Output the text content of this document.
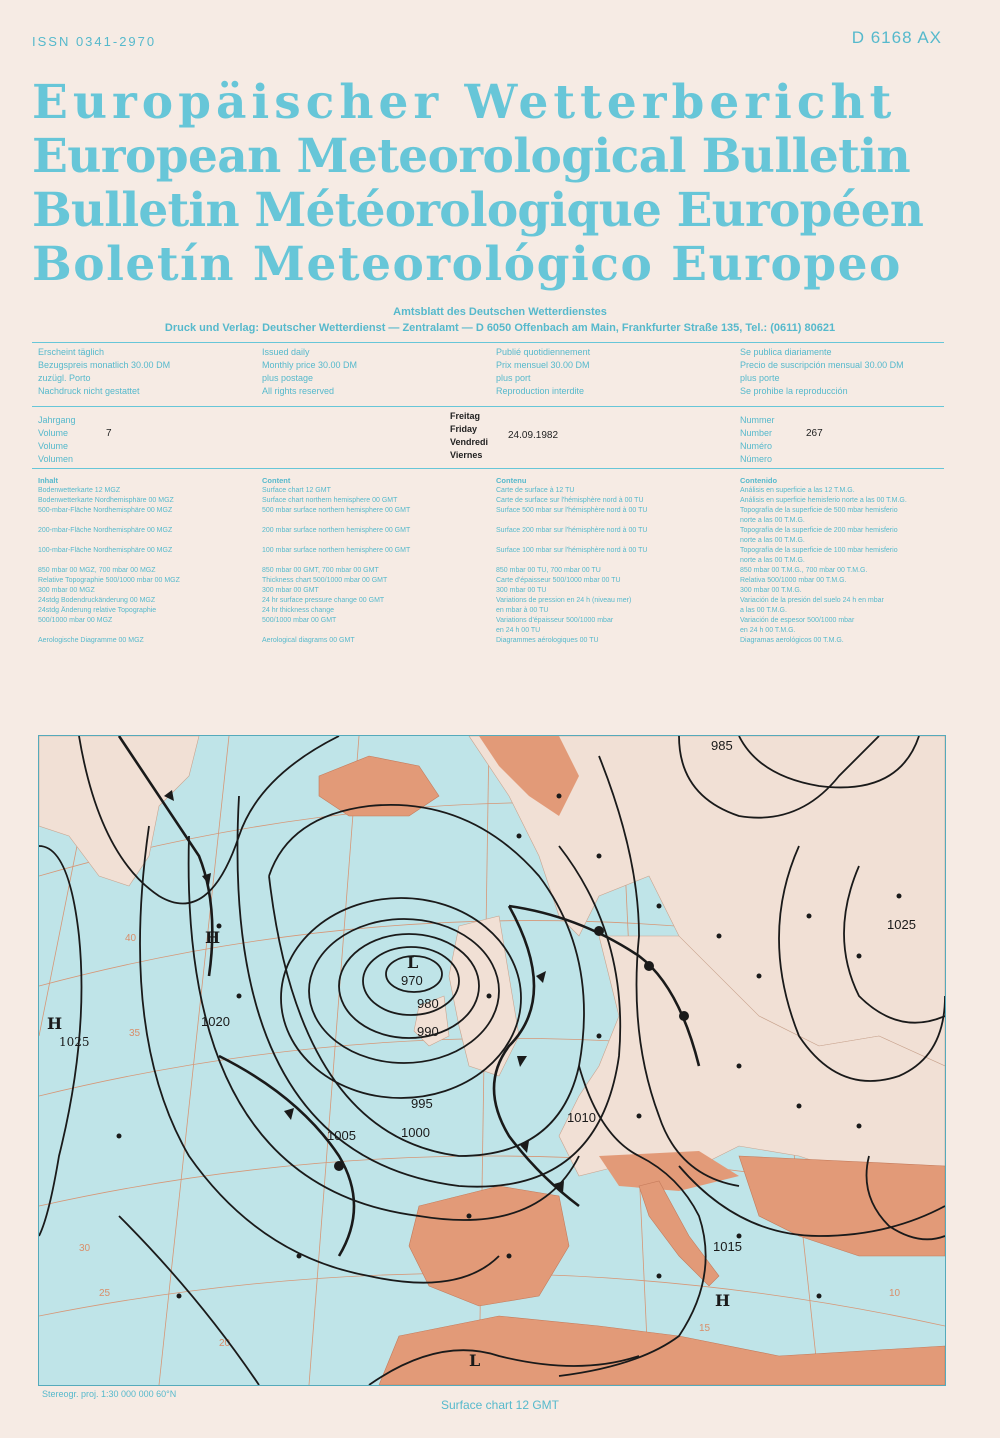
ISSN 0341-2970	D 6168 AX
Europäischer Wetterbericht
European Meteorological Bulletin
Bulletin Météorologique Européen
Boletín Meteorológico Europeo
Amtsblatt des Deutschen Wetterdienstes
Druck und Verlag: Deutscher Wetterdienst — Zentralamt — D 6050 Offenbach am Main, Frankfurter Straße 135, Tel.: (0611) 80621
Erscheint täglich
Bezugspreis monatlich 30.00 DM
zuzügl. Porto
Nachdruck nicht gestattet
Issued daily
Monthly price 30.00 DM
plus postage
All rights reserved
Publié quotidiennement
Prix mensuel 30.00 DM
plus port
Reproduction interdite
Se publica diariamente
Precio de suscripción mensual 30.00 DM
plus porte
Se prohibe la reproducción
Jahrgang
Volume
Volume
Volumen
7
Freitag
Friday
Vendredi
Viernes
24.09.1982
Nummer
Number
Numéro
Número
267
Inhalt
Bodenwetterkarte 12 MGZ
Bodenwetterkarte Nordhemisphäre 00 MGZ
500-mbar-Fläche Nordhemisphäre 00 MGZ
200-mbar-Fläche Nordhemisphäre 00 MGZ
100-mbar-Fläche Nordhemisphäre 00 MGZ
850 mbar 00 MGZ, 700 mbar 00 MGZ
Relative Topographie 500/1000 mbar 00 MGZ
300 mbar 00 MGZ
24stdg Bodendruckänderung 00 MGZ
24stdg Änderung relative Topographie
500/1000 mbar 00 MGZ
Aerologische Diagramme 00 MGZ
Content
Surface chart 12 GMT
Surface chart northern hemisphere 00 GMT
500 mbar surface northern hemisphere 00 GMT
200 mbar surface northern hemisphere 00 GMT
100 mbar surface northern hemisphere 00 GMT
850 mbar 00 GMT, 700 mbar 00 GMT
Thickness chart 500/1000 mbar 00 GMT
300 mbar 00 GMT
24 hr surface pressure change 00 GMT
24 hr thickness change
500/1000 mbar 00 GMT
Aerological diagrams 00 GMT
Contenu
Carte de surface à 12 TU
Carte de surface sur l'hémisphère nord à 00 TU
Surface 500 mbar sur l'hémisphère nord à 00 TU
Surface 200 mbar sur l'hémisphère nord à 00 TU
Surface 100 mbar sur l'hémisphère nord à 00 TU
850 mbar 00 TU, 700 mbar 00 TU
Carte d'épaisseur 500/1000 mbar 00 TU
300 mbar 00 TU
Variations de pression en 24 h (niveau mer)
en mbar à 00 TU
Variations d'épaisseur 500/1000 mbar
en 24 h 00 TU
Diagrammes aérologiques 00 TU
Contenido
Análisis en superficie a las 12 T.M.G.
Análisis en superficie hemisferio norte a las 00 T.M.G.
Topografía de la superficie de 500 mbar hemisferio
norte a las 00 T.M.G.
Topografía de la superficie de 200 mbar hemisferio
norte a las 00 T.M.G.
Topografía de la superficie de 100 mbar hemisferio
norte a las 00 T.M.G.
850 mbar 00 T.M.G., 700 mbar 00 T.M.G.
Relativa 500/1000 mbar 00 T.M.G.
300 mbar 00 T.M.G.
Variación de la presión del suelo 24 h en mbar
a las 00 T.M.G.
Variación de espesor 500/1000 mbar
en 24 h 00 T.M.G.
Diagramas aerológicos 00 T.M.G.
40
35
30
25
20
15
10
970
980
990
995
1000
1005
1010
1015
1020
1025
985
L
H
1025
H
L
H
Stereogr. proj. 1:30 000 000 60°N
Surface chart 12 GMT
